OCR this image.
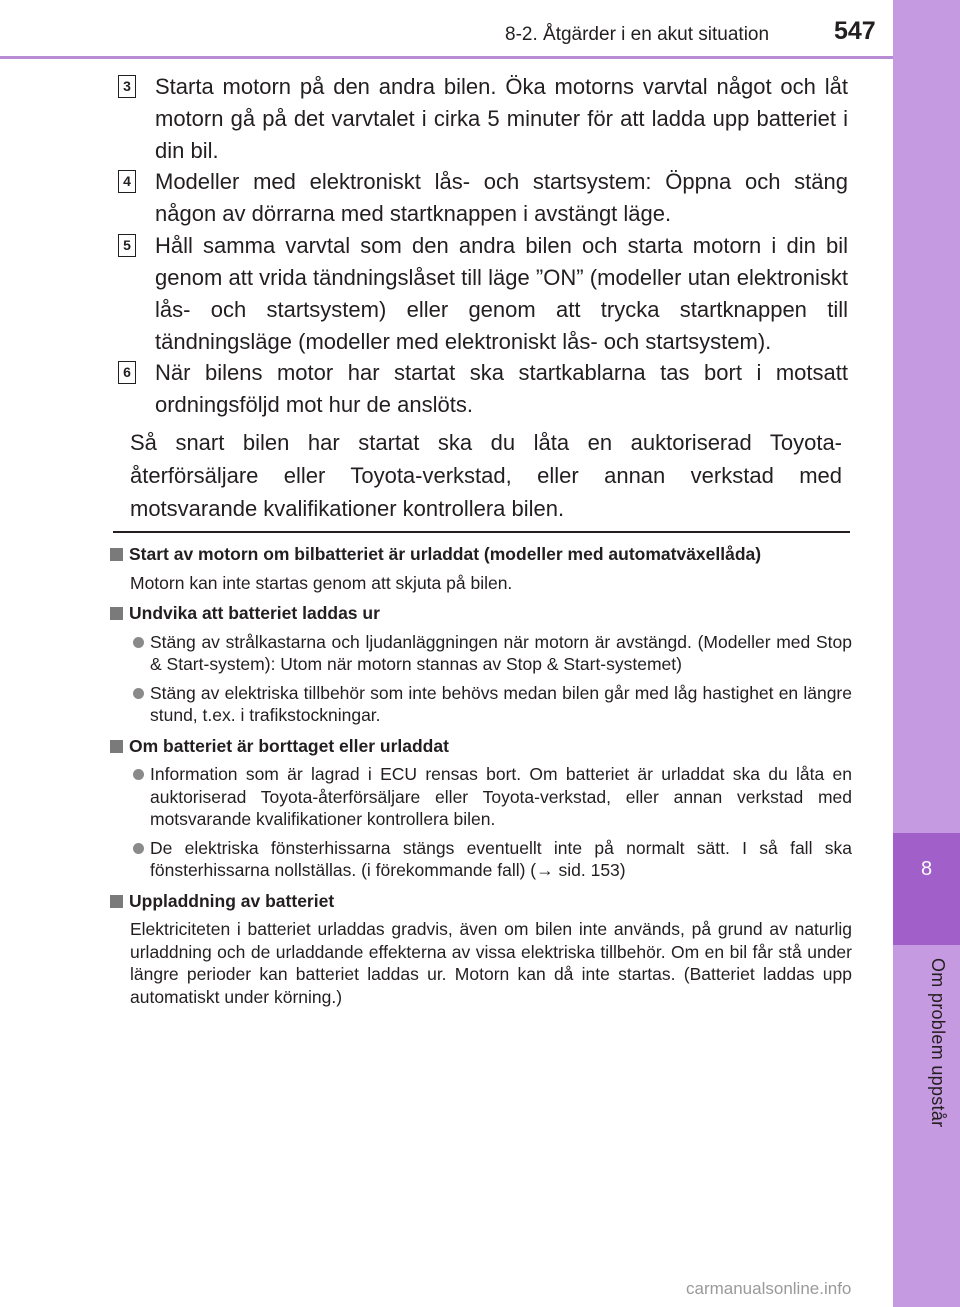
8-2. Åtgärder i en akut situation	547
8
Om problem uppstår
3 Starta motorn på den andra bilen. Öka motorns varvtal något och låt motorn gå på det varvtalet i cirka 5 minuter för att ladda upp batteriet i din bil.
4 Modeller med elektroniskt lås- och startsystem: Öppna och stäng någon av dörrarna med startknappen i avstängt läge.
5 Håll samma varvtal som den andra bilen och starta motorn i din bil genom att vrida tändningslåset till läge ”ON” (modeller utan elektroniskt lås- och startsystem) eller genom att trycka startknappen till tändningsläge (modeller med elektroniskt lås- och startsystem).
6 När bilens motor har startat ska startkablarna tas bort i motsatt ordningsföljd mot hur de anslöts.
Så snart bilen har startat ska du låta en auktoriserad Toyota-återförsäljare eller Toyota-verkstad, eller annan verkstad med motsvarande kvalifikationer kontrollera bilen.
Start av motorn om bilbatteriet är urladdat (modeller med automatväxellåda)
Motorn kan inte startas genom att skjuta på bilen.
Undvika att batteriet laddas ur
Stäng av strålkastarna och ljudanläggningen när motorn är avstängd. (Modeller med Stop & Start-system): Utom när motorn stannas av Stop & Start-systemet)
Stäng av elektriska tillbehör som inte behövs medan bilen går med låg hastighet en längre stund, t.ex. i trafikstockningar.
Om batteriet är borttaget eller urladdat
Information som är lagrad i ECU rensas bort. Om batteriet är urladdat ska du låta en auktoriserad Toyota-återförsäljare eller Toyota-verkstad, eller annan verkstad med motsvarande kvalifikationer kontrollera bilen.
De elektriska fönsterhissarna stängs eventuellt inte på normalt sätt. I så fall ska fönsterhissarna nollställas. (i förekommande fall) (→ sid. 153)
Uppladdning av batteriet
Elektriciteten i batteriet urladdas gradvis, även om bilen inte används, på grund av naturlig urladdning och de urladdande effekterna av vissa elektriska tillbehör. Om en bil får stå under längre perioder kan batteriet laddas ur. Motorn kan då inte startas. (Batteriet laddas upp automatiskt under körning.)
carmanualsonline.info
